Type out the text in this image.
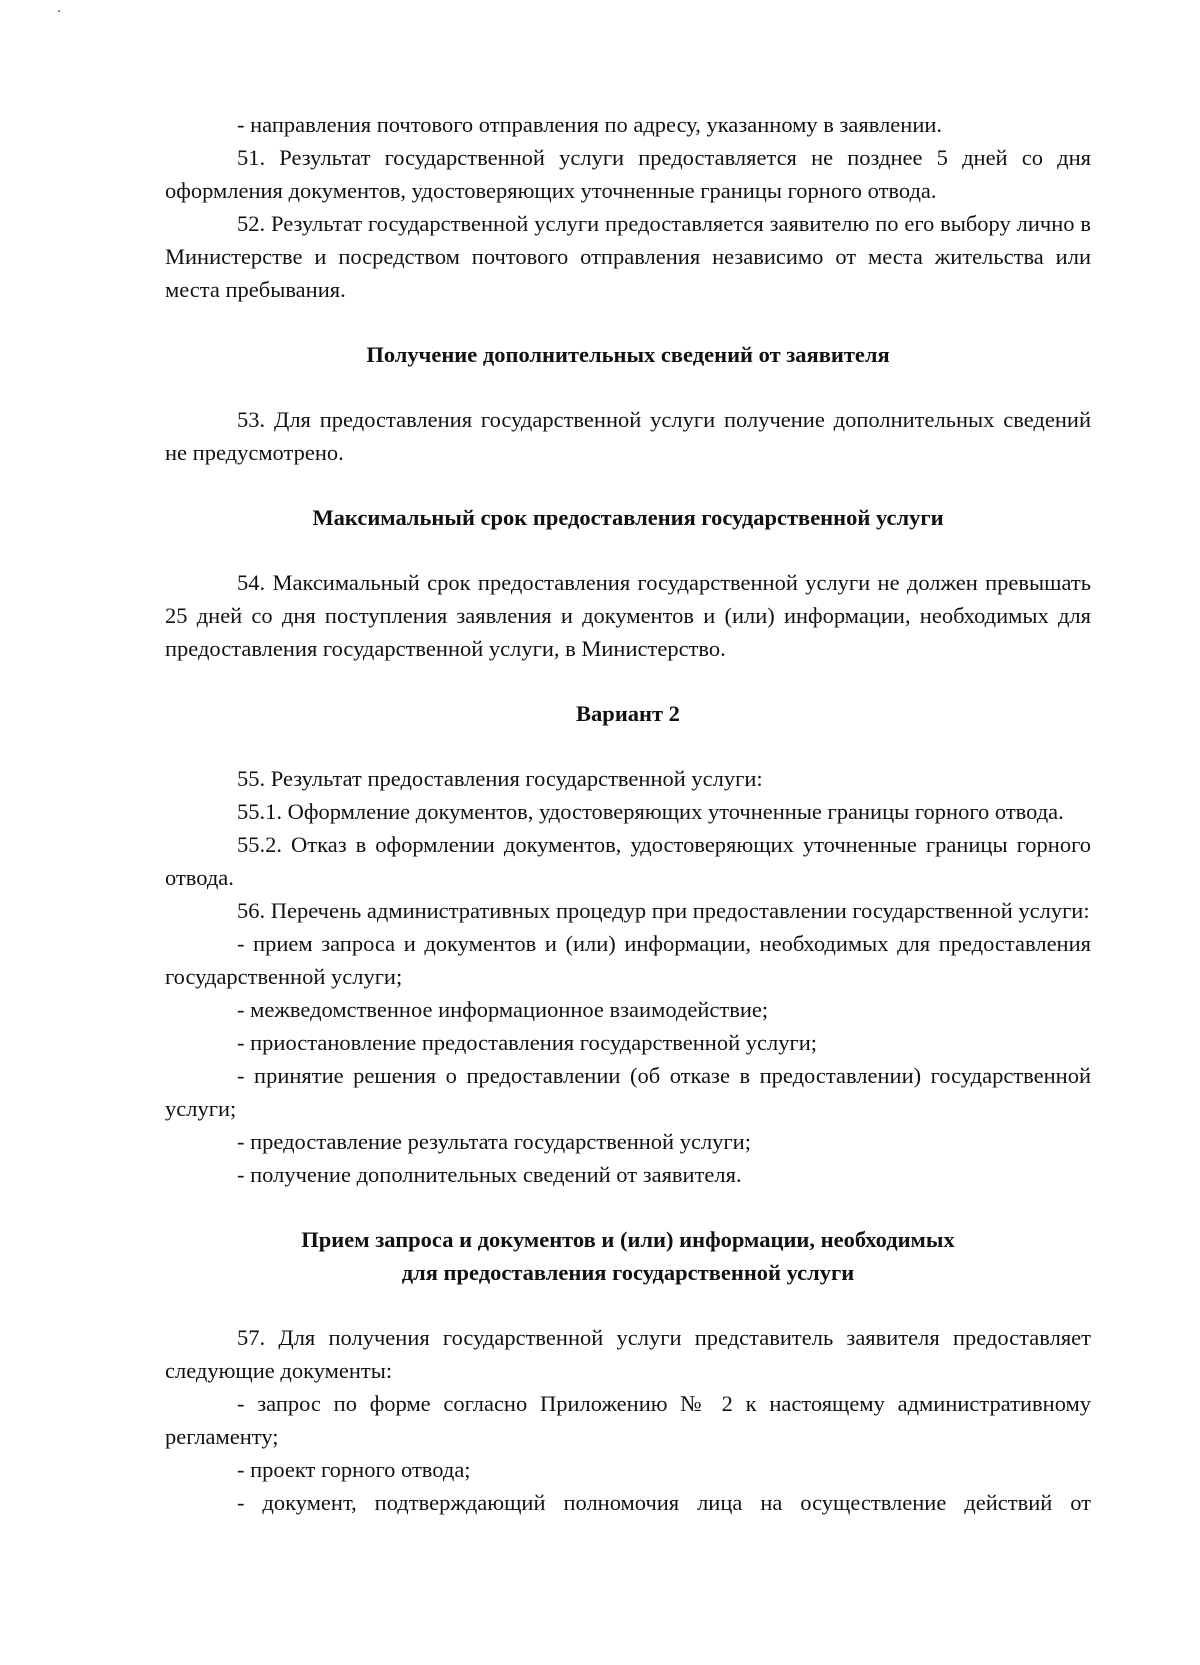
- направления почтового отправления по адресу, указанному в заявлении.

51. Результат государственной услуги предоставляется не позднее 5 дней со дня оформления документов, удостоверяющих уточненные границы горного отвода.

52. Результат государственной услуги предоставляется заявителю по его выбору лично в Министерстве и посредством почтового отправления независимо от места жительства или места пребывания.

Получение дополнительных сведений от заявителя

53. Для предоставления государственной услуги получение дополнительных сведений не предусмотрено.

Максимальный срок предоставления государственной услуги

54. Максимальный срок предоставления государственной услуги не должен превышать 25 дней со дня поступления заявления и документов и (или) информации, необходимых для предоставления государственной услуги, в Министерство.

Вариант 2

55. Результат предоставления государственной услуги:

55.1. Оформление документов, удостоверяющих уточненные границы горного отвода.

55.2. Отказ в оформлении документов, удостоверяющих уточненные границы горного отвода.

56. Перечень административных процедур при предоставлении государственной услуги:

- прием запроса и документов и (или) информации, необходимых для предоставления государственной услуги;

- межведомственное информационное взаимодействие;

- приостановление предоставления государственной услуги;

- принятие решения о предоставлении (об отказе в предоставлении) государственной услуги;

- предоставление результата государственной услуги;

- получение дополнительных сведений от заявителя.

Прием запроса и документов и (или) информации, необходимых

для предоставления государственной услуги

57. Для получения государственной услуги представитель заявителя предоставляет следующие документы:

- запрос по форме согласно Приложению № 2 к настоящему административному регламенту;

- проект горного отвода;

- документ, подтверждающий полномочия лица на осуществление действий от
